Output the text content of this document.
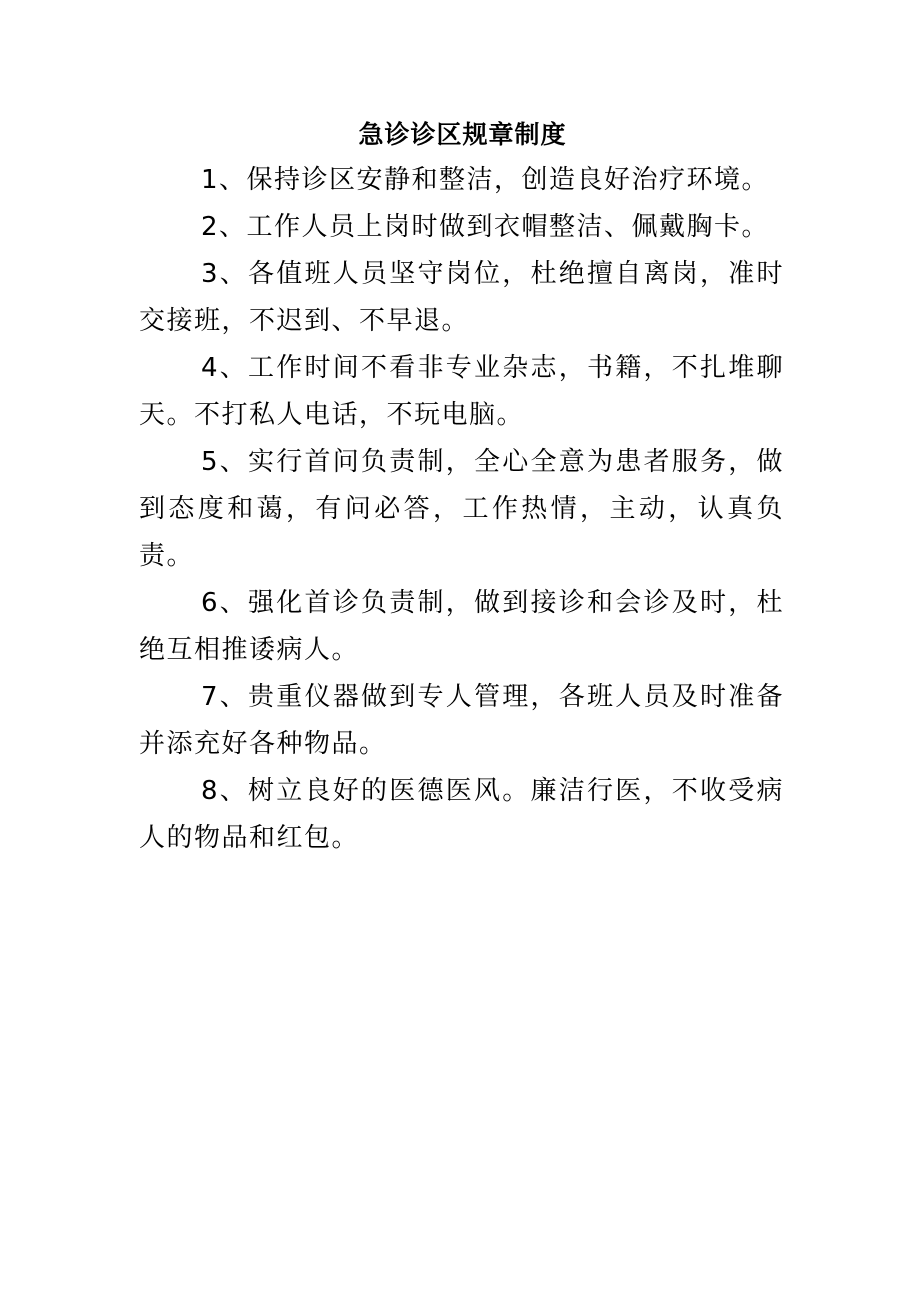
急诊诊区规章制度

1、保持诊区安静和整洁，创造良好治疗环境。

2、工作人员上岗时做到衣帽整洁、佩戴胸卡。

3、各值班人员坚守岗位，杜绝擅自离岗，准时交接班，不迟到、不早退。

4、工作时间不看非专业杂志，书籍，不扎堆聊天。不打私人电话，不玩电脑。

5、实行首问负责制，全心全意为患者服务，做到态度和蔼，有问必答，工作热情，主动，认真负责。

6、强化首诊负责制，做到接诊和会诊及时，杜绝互相推诿病人。

7、贵重仪器做到专人管理，各班人员及时准备并添充好各种物品。

8、树立良好的医德医风。廉洁行医，不收受病人的物品和红包。
